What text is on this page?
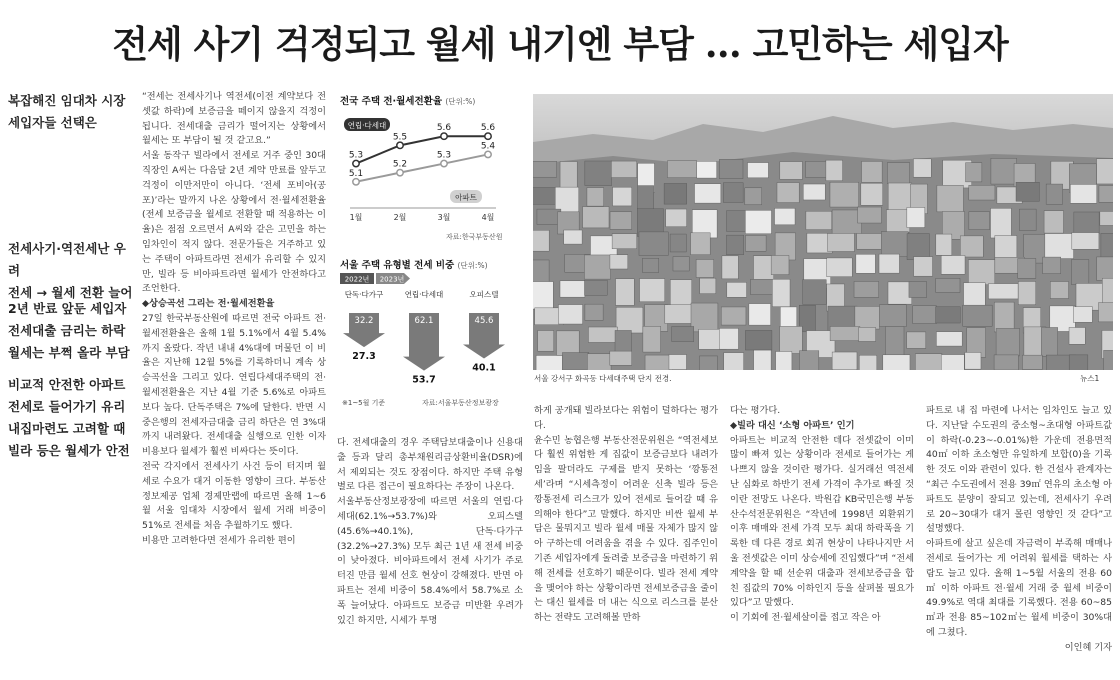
전세 사기 걱정되고 월세 내기엔 부담 … 고민하는 세입자
복잡해진 임대차 시장
세입자들 선택은
전세사기·역전세난 우려
전세 → 월세 전환 늘어
2년 반료 앞둔 세입자
전세대출 금리는 하락
월세는 부쩍 올라 부담
비교적 안전한 아파트
전세로 들어가기 유리
내집마련도 고려할 때
빌라 등은 월세가 안전

“전세는 전세사기나 역전세(이전 계약보다 전셋값 하락)에 보증금을 떼이지 않을지 걱정이 됩니다. 전세대출 금리가 떨어지는 상황에서 월세는 또 부담이 될 것 같고요.”

서울 동작구 빌라에서 전세로 거주 중인 30대 직장인 A씨는 다음달 2년 계약 만료를 앞두고 걱정이 이만저만이 아니다. ‘전세 포비아(공포)’라는 말까지 나온 상황에서 전·월세전환율(전세 보증금을 월세로 전환할 때 적용하는 이율)은 점점 오르면서 A씨와 같은 고민을 하는 임차인이 적지 않다. 전문가들은 거주하고 있는 주택이 아파트라면 전세가 유리할 수 있지만, 빌라 등 비아파트라면 월세가 안전하다고 조언한다.

◆상승곡선 그리는 전·월세전환율

27일 한국부동산원에 따르면 전국 아파트 전·월세전환율은 올해 1월 5.1%에서 4월 5.4%까지 올랐다. 작년 내내 4%대에 머물던 이 비율은 지난해 12월 5%를 기록하더니 계속 상승곡선을 그리고 있다. 연립다세대주택의 전·월세전환율은 지난 4월 기준 5.6%로 아파트보다 높다. 단독주택은 7%에 달한다. 반면 시중은행의 전세자금대출 금리 하단은 연 3%대까지 내려왔다. 전세대출 실행으로 인한 이자 비용보다 월세가 훨씬 비싸다는 뜻이다.

전국 각지에서 전세사기 사건 등이 터지며 월세로 수요가 대거 이동한 영향이 크다. 부동산 정보제공 업체 경제만랩에 따르면 올해 1~6월 서울 임대차 시장에서 월세 거래 비중이 51%로 전세를 처음 추월하기도 했다.

비용만 고려한다면 전세가 유리한 편이

다. 전세대출의 경우 주택담보대출이나 신용대출 등과 달리 총부채원리금상환비율(DSR)에서 제외되는 것도 장점이다. 하지만 주택 유형별로 다른 접근이 필요하다는 주장이 나온다.

서울부동산정보광장에 따르면 서울의 연립·다세대(62.1%→53.7%)와 오피스텔(45.6%→40.1%), 단독·다가구(32.2%→27.3%) 모두 최근 1년 새 전세 비중이 낮아졌다. 비아파트에서 전세 사기가 주로 터진 만큼 월세 선호 현상이 강해졌다. 반면 아파트는 전세 비중이 58.4%에서 58.7%로 소폭 늘어났다. 아파트도 보증금 미반환 우려가 있긴 하지만, 시세가 투명

하게 공개돼 빌라보다는 위험이 덜하다는 평가다.

윤수민 농협은행 부동산전문위원은 “역전세보다 훨씬 위험한 게 집값이 보증금보다 내려가 임을 팔더라도 구제를 받지 못하는 ‘깡통전세’라며 “시세측정이 어려운 신축 빌라 등은 깡통전세 리스크가 있어 전세로 들어갈 때 유의해야 한다”고 말했다. 하지만 비싼 월세 부담은 물뭐지고 빌라 월세 매물 자체가 많지 않아 구하는데 어려움을 겪을 수 있다. 집주인이 기존 세입자에게 돌려줄 보증금을 마련하기 위해 전세를 선호하기 때문이다. 빌라 전세 계약을 맺어야 하는 상황이라면 전세보증금을 줄이는 대신 월세를 더 내는 식으로 리스크를 분산하는 전략도 고려해볼 만하

다는 평가다.

◆빌라 대신 ‘소형 아파트’ 인기

아파트는 비교적 안전한 데다 전셋값이 이미 많이 빠져 있는 상황이라 전세로 들어가는 게 나쁘지 않을 것이란 평가다. 실거래선 역전세난 심화로 하반기 전세 가격이 추가로 빠질 것이란 전망도 나온다. 박원갑 KB국민은행 부동산수석전문위원은 “작년에 1998년 외환위기 이후 매매와 전세 가격 모두 최대 하락폭을 기록한 데 다른 경로 회귀 현상이 나타나지만 서울 전셋값은 이미 상승세에 진입했다”며 “전세 계약을 할 때 선순위 대출과 전세보증금을 합친 집값의 70% 이하인지 등을 살펴볼 필요가 있다”고 말했다.

이 기회에 전·월세살이를 접고 작은 아

파트로 내 집 마련에 나서는 임차인도 늘고 있다. 지난달 수도권의 중소형~초대형 아파트값이 하락(-0.23~-0.01%)한 가운데 전용면적 40㎡ 이하 초소형만 유일하게 보합(0)을 기록한 것도 이와 관련이 있다. 한 건설사 관계자는 “최근 수도권에서 전용 39㎡ 연유의 초소형 아파트도 분양이 잘되고 있는데, 전세사기 우려로 20~30대가 대거 몰린 영향인 것 같다”고 설명했다.

아파트에 살고 싶은데 자금력이 부족해 매매나 전세로 들어가는 게 어려워 월세를 택하는 사람도 늘고 있다. 올해 1~5월 서울의 전용 60㎡ 이하 아파트 전·월세 거래 중 월세 비중이 49.9%로 역대 최대를 기록했다. 전용 60~85㎡과 전용 85~102㎡는 월세 비중이 30%대에 그쳤다.

이인혜 기자

전국 주택 전·월세전환율 (단위:%)
5.3
5.5
5.6	5.6
5.1
5.2
5.3
5.4
1월	2월	3월	4월
연립·다세대
아파트
자료:한국부동산원
서울 주택 유형별 전세 비중 (단위:%)
2022년 2023년
단독·다가구
32.2
27.3
연립·다세대
62.1
53.7
오피스텔
45.6
40.1
※1~5월 기준	자료:서울부동산정보광장
서울 강서구 화곡동 다세대주택 단지 전경.	뉴스1
